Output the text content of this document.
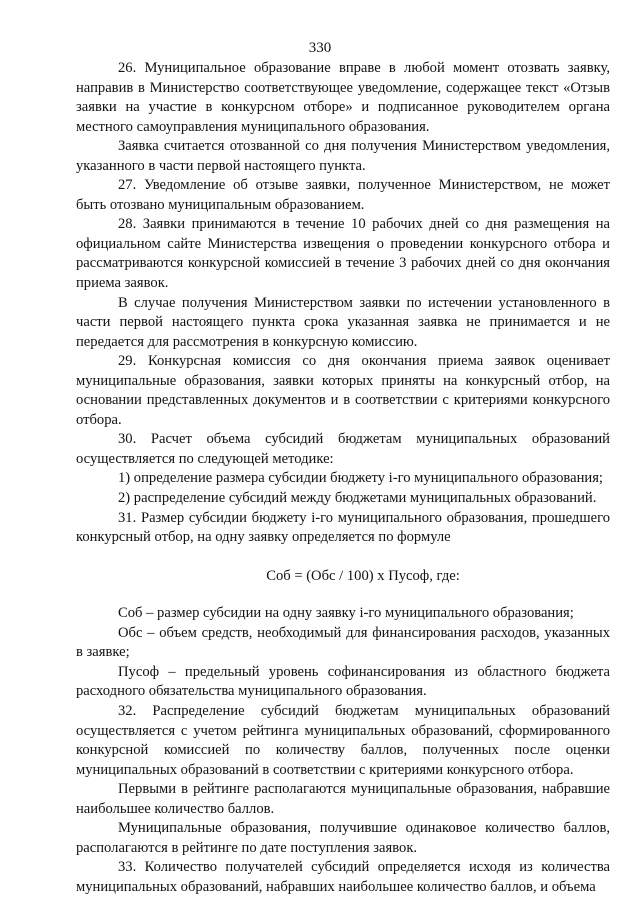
330

26. Муниципальное образование вправе в любой момент отозвать заявку, направив в Министерство соответствующее уведомление, содержащее текст «Отзыв заявки на участие в конкурсном отборе» и подписанное руководителем органа местного самоуправления муниципального образования.

Заявка считается отозванной со дня получения Министерством уведомления, указанного в части первой настоящего пункта.

27. Уведомление об отзыве заявки, полученное Министерством, не может быть отозвано муниципальным образованием.

28. Заявки принимаются в течение 10 рабочих дней со дня размещения на официальном сайте Министерства извещения о проведении конкурсного отбора и рассматриваются конкурсной комиссией в течение 3 рабочих дней со дня окончания приема заявок.

В случае получения Министерством заявки по истечении установленного в части первой настоящего пункта срока указанная заявка не принимается и не передается для рассмотрения в конкурсную комиссию.

29. Конкурсная комиссия со дня окончания приема заявок оценивает муниципальные образования, заявки которых приняты на конкурсный отбор, на основании представленных документов и в соответствии с критериями конкурсного отбора.

30. Расчет объема субсидий бюджетам муниципальных образований осуществляется по следующей методике:

1) определение размера субсидии бюджету i-го муниципального образования;

2) распределение субсидий между бюджетами муниципальных образований.

31. Размер субсидии бюджету i-го муниципального образования, прошедшего конкурсный отбор, на одну заявку определяется по формуле

Соб = (Обс / 100) x Пусоф, где:

Соб – размер субсидии на одну заявку i-го муниципального образования;

Обс – объем средств, необходимый для финансирования расходов, указанных в заявке;

Пусоф – предельный уровень софинансирования из областного бюджета расходного обязательства муниципального образования.

32. Распределение субсидий бюджетам муниципальных образований осуществляется с учетом рейтинга муниципальных образований, сформированного конкурсной комиссией по количеству баллов, полученных после оценки муниципальных образований в соответствии с критериями конкурсного отбора.

Первыми в рейтинге располагаются муниципальные образования, набравшие наибольшее количество баллов.

Муниципальные образования, получившие одинаковое количество баллов, располагаются в рейтинге по дате поступления заявок.

33. Количество получателей субсидий определяется исходя из количества муниципальных образований, набравших наибольшее количество баллов, и объема
